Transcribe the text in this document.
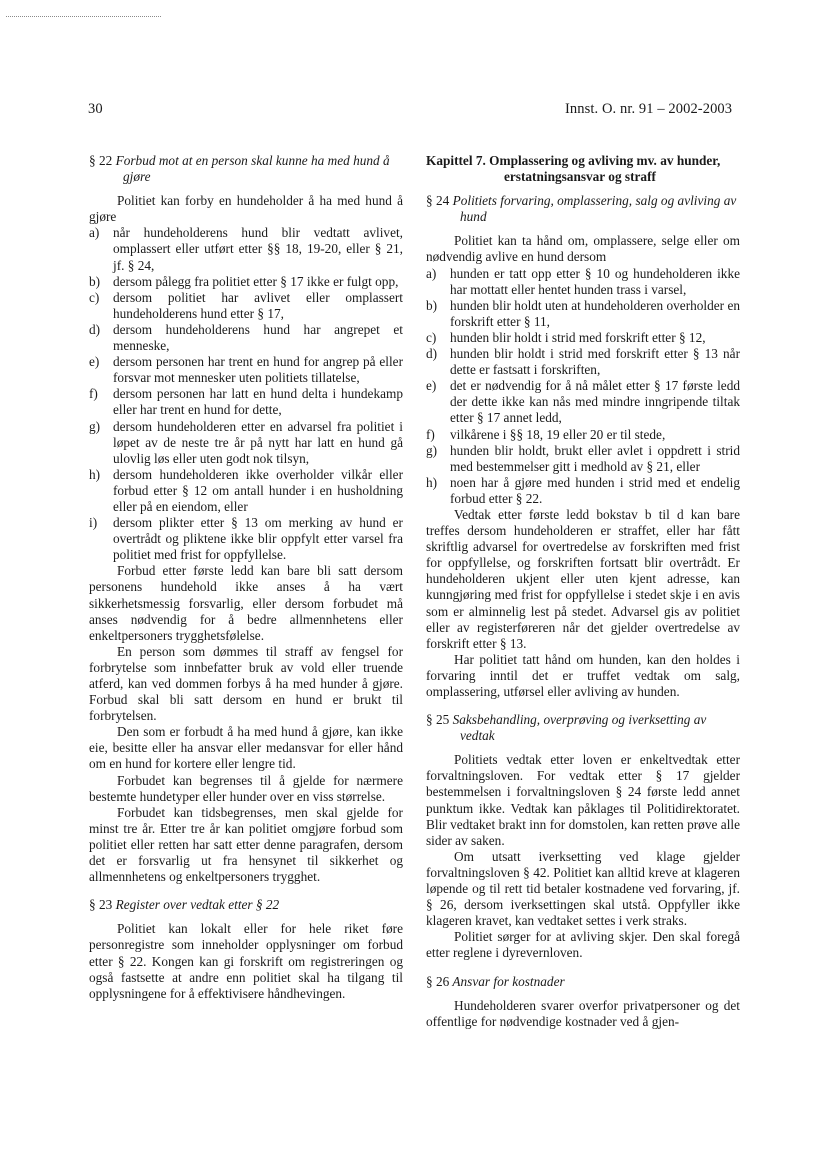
30	Innst. O. nr. 91 – 2002-2003
§ 22 Forbud mot at en person skal kunne ha med hund å gjøre

Politiet kan forby en hundeholder å ha med hund å gjøre

a)	når hundeholderens hund blir vedtatt avlivet, omplassert eller utført etter §§ 18, 19-20, eller § 21, jf. § 24,
b) dersom pålegg fra politiet etter § 17 ikke er fulgt opp,
c)	dersom politiet har avlivet eller omplassert hundeholderens hund etter § 17,
d) dersom hundeholderens hund har angrepet et menneske,
e)	dersom personen har trent en hund for angrep på eller forsvar mot mennesker uten politiets tillatelse,
f)	dersom personen har latt en hund delta i hundekamp eller har trent en hund for dette,
g) dersom hundeholderen etter en advarsel fra politiet i løpet av de neste tre år på nytt har latt en hund gå ulovlig løs eller uten godt nok tilsyn,
h) dersom hundeholderen ikke overholder vilkår eller forbud etter § 12 om antall hunder i en husholdning eller på en eiendom, eller
i)	dersom plikter etter § 13 om merking av hund er overtrådt og pliktene ikke blir oppfylt etter varsel fra politiet med frist for oppfyllelse.

Forbud etter første ledd kan bare bli satt dersom personens hundehold ikke anses å ha vært sikkerhetsmessig forsvarlig, eller dersom forbudet må anses nødvendig for å bedre allmennhetens eller enkeltpersoners trygghetsfølelse.

En person som dømmes til straff av fengsel for forbrytelse som innbefatter bruk av vold eller truende atferd, kan ved dommen forbys å ha med hunder å gjøre. Forbud skal bli satt dersom en hund er brukt til forbrytelsen.

Den som er forbudt å ha med hund å gjøre, kan ikke eie, besitte eller ha ansvar eller medansvar for eller hånd om en hund for kortere eller lengre tid.

Forbudet kan begrenses til å gjelde for nærmere bestemte hundetyper eller hunder over en viss størrelse.

Forbudet kan tidsbegrenses, men skal gjelde for minst tre år. Etter tre år kan politiet omgjøre forbud som politiet eller retten har satt etter denne paragrafen, dersom det er forsvarlig ut fra hensynet til sikkerhet og allmennhetens og enkeltpersoners trygghet.

§ 23 Register over vedtak etter § 22

Politiet kan lokalt eller for hele riket føre personregistre som inneholder opplysninger om forbud etter § 22. Kongen kan gi forskrift om registreringen og også fastsette at andre enn politiet skal ha tilgang til opplysningene for å effektivisere håndhevingen.

Kapittel 7. Omplassering og avliving mv. av hunder, erstatningsansvar og straff
§ 24 Politiets forvaring, omplassering, salg og avliving av hund

Politiet kan ta hånd om, omplassere, selge eller om nødvendig avlive en hund dersom

a)	hunden er tatt opp etter § 10 og hundeholderen ikke har mottatt eller hentet hunden trass i varsel,
b) hunden blir holdt uten at hundeholderen overholder en forskrift etter § 11,
c)	hunden blir holdt i strid med forskrift etter § 12,
d) hunden blir holdt i strid med forskrift etter § 13 når dette er fastsatt i forskriften,
e)	det er nødvendig for å nå målet etter § 17 første ledd der dette ikke kan nås med mindre inngripende tiltak etter § 17 annet ledd,
f)	vilkårene i §§ 18, 19 eller 20 er til stede,
g) hunden blir holdt, brukt eller avlet i oppdrett i strid med bestemmelser gitt i medhold av § 21, eller
h) noen har å gjøre med hunden i strid med et endelig forbud etter § 22.

Vedtak etter første ledd bokstav b til d kan bare treffes dersom hundeholderen er straffet, eller har fått skriftlig advarsel for overtredelse av forskriften med frist for oppfyllelse, og forskriften fortsatt blir overtrådt. Er hundeholderen ukjent eller uten kjent adresse, kan kunngjøring med frist for oppfyllelse i stedet skje i en avis som er alminnelig lest på stedet. Advarsel gis av politiet eller av registerføreren når det gjelder overtredelse av forskrift etter § 13.

Har politiet tatt hånd om hunden, kan den holdes i forvaring inntil det er truffet vedtak om salg, omplassering, utførsel eller avliving av hunden.

§ 25 Saksbehandling, overprøving og iverksetting av vedtak

Politiets vedtak etter loven er enkeltvedtak etter forvaltningsloven. For vedtak etter § 17 gjelder bestemmelsen i forvaltningsloven § 24 første ledd annet punktum ikke. Vedtak kan påklages til Politidirektoratet. Blir vedtaket brakt inn for domstolen, kan retten prøve alle sider av saken.

Om utsatt iverksetting ved klage gjelder forvaltningsloven § 42. Politiet kan alltid kreve at klageren løpende og til rett tid betaler kostnadene ved forvaring, jf. § 26, dersom iverksettingen skal utstå. Oppfyller ikke klageren kravet, kan vedtaket settes i verk straks.

Politiet sørger for at avliving skjer. Den skal foregå etter reglene i dyrevernloven.

§ 26 Ansvar for kostnader

Hundeholderen svarer overfor privatpersoner og det offentlige for nødvendige kostnader ved å gjen-
